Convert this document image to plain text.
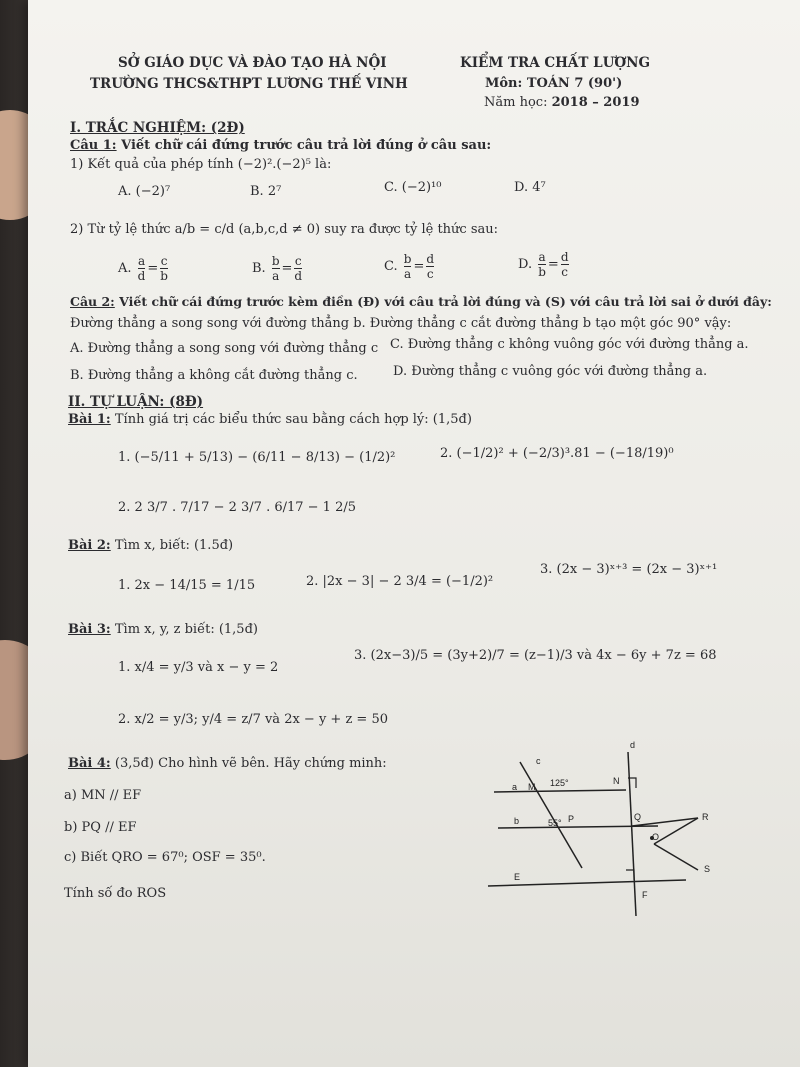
SỞ GIÁO DỤC VÀ ĐÀO TẠO HÀ NỘI
TRƯỜNG THCS&THPT LƯƠNG THẾ VINH
KIỂM TRA CHẤT LƯỢNG
Môn: TOÁN 7 (90')
Năm học: 2018 – 2019
I. TRẮC NGHIỆM: (2Đ)
Câu 1: Viết chữ cái đứng trước câu trả lời đúng ở câu sau:
1) Kết quả của phép tính (−2)².(−2)⁵ là:
A. (−2)⁷	B. 2⁷	C. (−2)¹⁰	D. 4⁷
2) Từ tỷ lệ thức a/b = c/d (a,b,c,d ≠ 0) suy ra được tỷ lệ thức sau:
A. $\frac{a}{d} = \frac{c}{b}$	B. $\frac{b}{a} = \frac{c}{d}$	C. $\frac{b}{a} = \frac{d}{c}$	D. $\frac{a}{b} = \frac{d}{c}$
Câu 2: Viết chữ cái đứng trước kèm điền (Đ) với câu trả lời đúng và (S) với câu trả lời sai ở dưới đây:
Đường thẳng a song song với đường thẳng b. Đường thẳng c cắt đường thẳng b tạo một góc 90° vậy:
A. Đường thẳng a song song với đường thẳng c C. Đường thẳng c không vuông góc với đường thẳng a.
B. Đường thẳng a không cắt đường thẳng c.	D. Đường thẳng c vuông góc với đường thẳng a.
II. TỰ LUẬN: (8Đ)
Bài 1: Tính giá trị các biểu thức sau bằng cách hợp lý: (1,5đ)
1. (−5/11 + 5/13) − (6/11 − 8/13) − (1/2)²	2. (−1/2)² + (−2/3)³.81 − (−18/19)⁰
2. 2 3/7 . 7/17 − 2 3/7 . 6/17 − 1 2/5
Bài 2: Tìm x, biết: (1.5đ)
1. 2x − 14/15 = 1/15	2. |2x − 3| − 2 3/4 = (−1/2)²
3. (2x − 3)ˣ⁺³ = (2x − 3)ˣ⁺¹
Bài 3: Tìm x, y, z biết: (1,5đ)
1. x/4 = y/3 và x − y = 2
3. (2x−3)/5 = (3y+2)/7 = (z−1)/3 và 4x − 6y + 7z = 68
2. x/2 = y/3; y/4 = z/7 và 2x − y + z = 50
Bài 4: (3,5đ) Cho hình vẽ bên. Hãy chứng minh:
a) MN // EF
b) PQ // EF
c) Biết QRO = 67⁰; OSF = 35⁰.
Tính số đo ROS
d
c
a M 125°	N
b	55° P	Q	R
O
S
E
F
